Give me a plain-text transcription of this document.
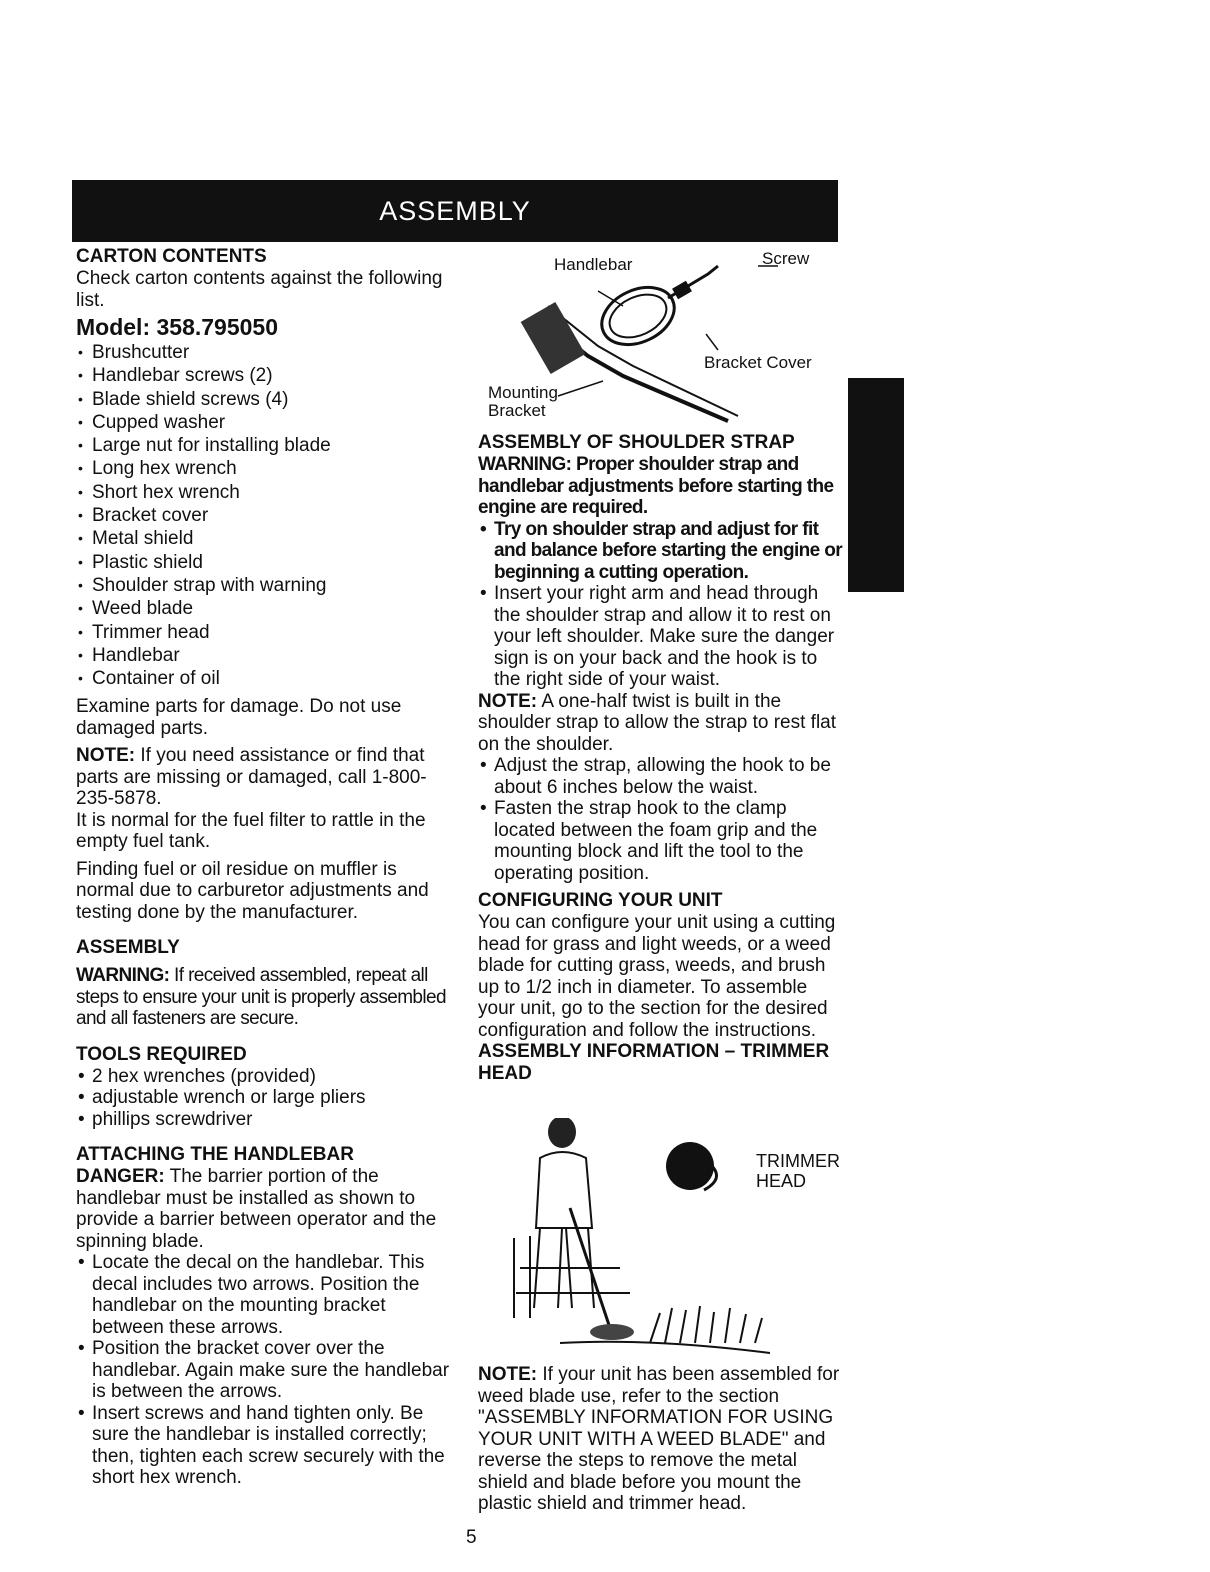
ASSEMBLY
CARTON CONTENTS

Check carton contents against the following list.

Model: 358.795050
• Brushcutter
• Handlebar screws (2)
• Blade shield screws (4)
• Cupped washer
• Large nut for installing blade
• Long hex wrench
• Short hex wrench
• Bracket cover
• Metal shield
• Plastic shield
• Shoulder strap with warning
• Weed blade
• Trimmer head
• Handlebar
• Container of oil

Examine parts for damage. Do not use damaged parts.

NOTE: If you need assistance or find that parts are missing or damaged, call 1-800-235-5878.

It is normal for the fuel filter to rattle in the empty fuel tank.

Finding fuel or oil residue on muffler is normal due to carburetor adjustments and testing done by the manufacturer.

ASSEMBLY

WARNING: If received assembled, repeat all steps to ensure your unit is properly assembled and all fasteners are secure.

TOOLS REQUIRED
• 2 hex wrenches (provided)
• adjustable wrench or large pliers
• phillips screwdriver
ATTACHING THE HANDLEBAR

DANGER: The barrier portion of the handlebar must be installed as shown to provide a barrier between operator and the spinning blade.

• Locate the decal on the handlebar. This decal includes two arrows. Position the handlebar on the mounting bracket between these arrows.
• Position the bracket cover over the handlebar. Again make sure the handlebar is between the arrows.
• Insert screws and hand tighten only. Be sure the handlebar is installed correctly; then, tighten each screw securely with the short hex wrench.
Handlebar	Screw
Bracket Cover
Mounting
Bracket
ASSEMBLY OF SHOULDER STRAP

WARNING: Proper shoulder strap and handlebar adjustments before starting the engine are required.

• Try on shoulder strap and adjust for fit and balance before starting the engine or beginning a cutting operation.
• Insert your right arm and head through the shoulder strap and allow it to rest on your left shoulder. Make sure the danger sign is on your back and the hook is to the right side of your waist.

NOTE: A one-half twist is built in the shoulder strap to allow the strap to rest flat on the shoulder.

• Adjust the strap, allowing the hook to be about 6 inches below the waist.
• Fasten the strap hook to the clamp located between the foam grip and the mounting block and lift the tool to the operating position.
CONFIGURING YOUR UNIT

You can configure your unit using a cutting head for grass and light weeds, or a weed blade for cutting grass, weeds, and brush up to 1/2 inch in diameter. To assemble your unit, go to the section for the desired configuration and follow the instructions.

ASSEMBLY INFORMATION – TRIMMER HEAD
TRIMMER
HEAD

NOTE: If your unit has been assembled for weed blade use, refer to the section "ASSEMBLY INFORMATION FOR USING YOUR UNIT WITH A WEED BLADE" and reverse the steps to remove the metal shield and blade before you mount the plastic shield and trimmer head.

5
